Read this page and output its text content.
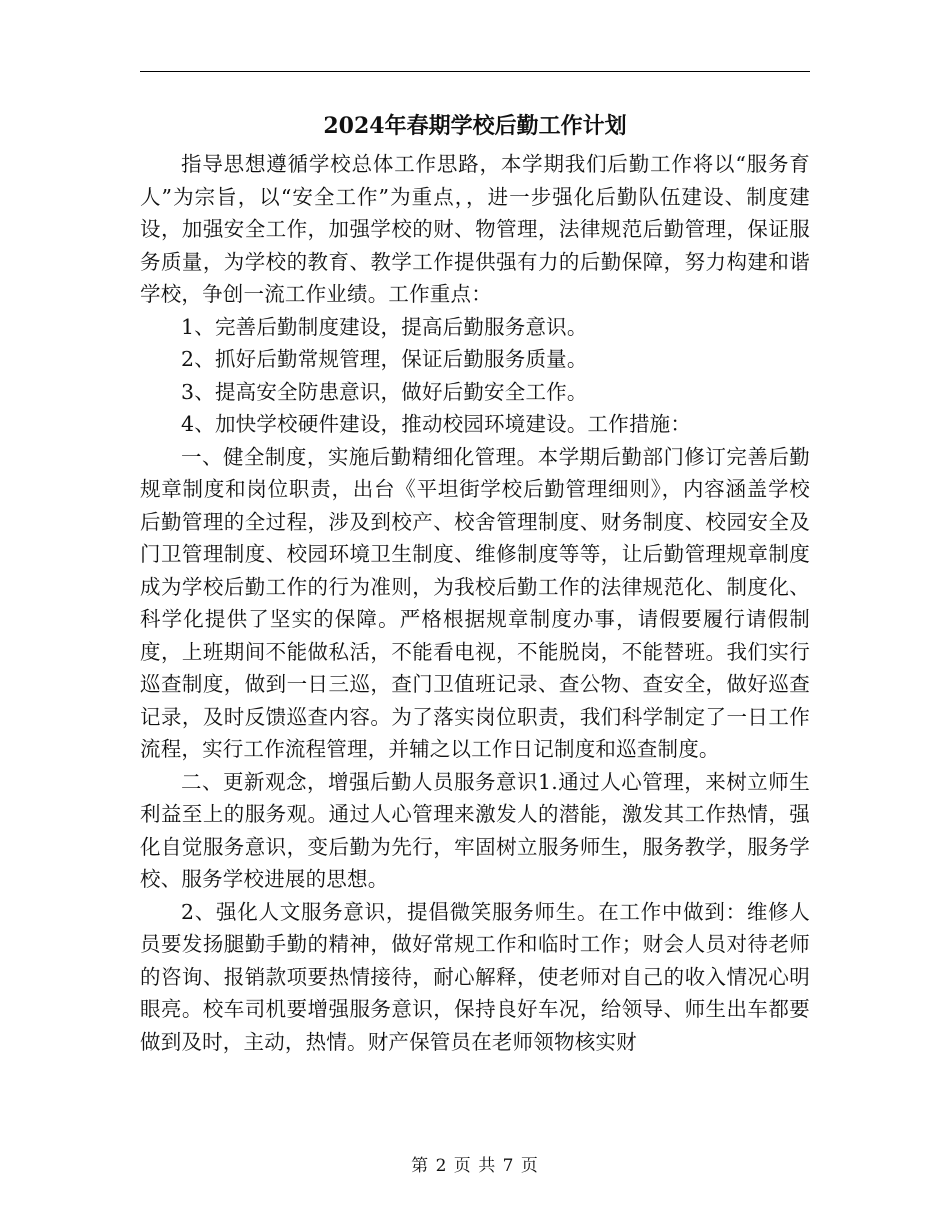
2024年春期学校后勤工作计划

指导思想遵循学校总体工作思路，本学期我们后勤工作将以“服务育人”为宗旨，以“安全工作”为重点，，进一步强化后勤队伍建设、制度建设，加强安全工作，加强学校的财、物管理，法律规范后勤管理，保证服务质量，为学校的教育、教学工作提供强有力的后勤保障，努力构建和谐学校，争创一流工作业绩。工作重点：

1、完善后勤制度建设，提高后勤服务意识。

2、抓好后勤常规管理，保证后勤服务质量。

3、提高安全防患意识，做好后勤安全工作。

4、加快学校硬件建设，推动校园环境建设。工作措施：

一、健全制度，实施后勤精细化管理。本学期后勤部门修订完善后勤规章制度和岗位职责，出台《平坦街学校后勤管理细则》，内容涵盖学校后勤管理的全过程，涉及到校产、校舍管理制度、财务制度、校园安全及门卫管理制度、校园环境卫生制度、维修制度等等，让后勤管理规章制度成为学校后勤工作的行为准则，为我校后勤工作的法律规范化、制度化、科学化提供了坚实的保障。严格根据规章制度办事，请假要履行请假制度，上班期间不能做私活，不能看电视，不能脱岗，不能替班。我们实行巡查制度，做到一日三巡，查门卫值班记录、查公物、查安全，做好巡查记录，及时反馈巡查内容。为了落实岗位职责，我们科学制定了一日工作流程，实行工作流程管理，并辅之以工作日记制度和巡查制度。

二、更新观念，增强后勤人员服务意识1.通过人心管理，来树立师生利益至上的服务观。通过人心管理来激发人的潜能，激发其工作热情，强化自觉服务意识，变后勤为先行，牢固树立服务师生，服务教学，服务学校、服务学校进展的思想。

2、强化人文服务意识，提倡微笑服务师生。在工作中做到：维修人员要发扬腿勤手勤的精神，做好常规工作和临时工作；财会人员对待老师的咨询、报销款项要热情接待，耐心解释，使老师对自己的收入情况心明眼亮。校车司机要增强服务意识，保持良好车况，给领导、师生出车都要做到及时，主动，热情。财产保管员在老师领物核实财

第 2 页 共 7 页
